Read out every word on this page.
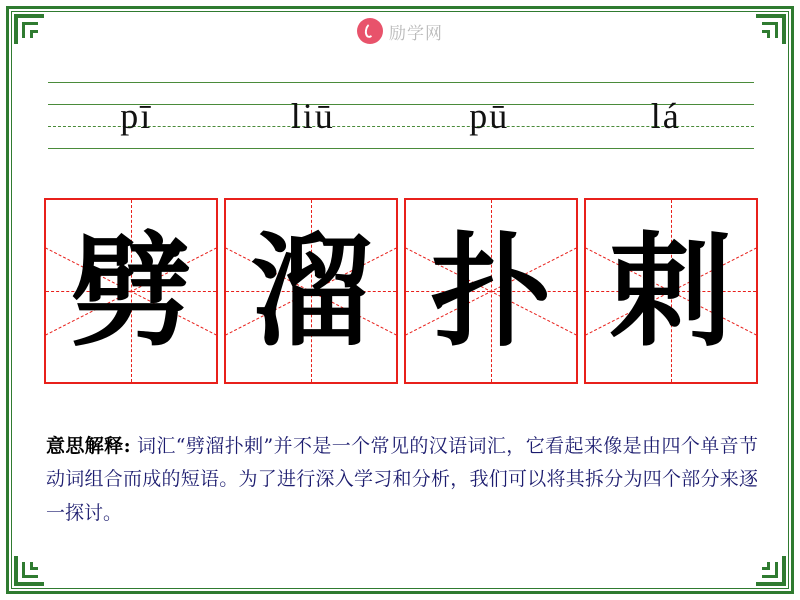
励学网
pī	liū	pū	lá
劈 溜 扑 剌
意思解释: 词汇“劈溜扑剌”并不是一个常见的汉语词汇，它看起来像是由四个单音节动词组合而成的短语。为了进行深入学习和分析，我们可以将其拆分为四个部分来逐一探讨。
